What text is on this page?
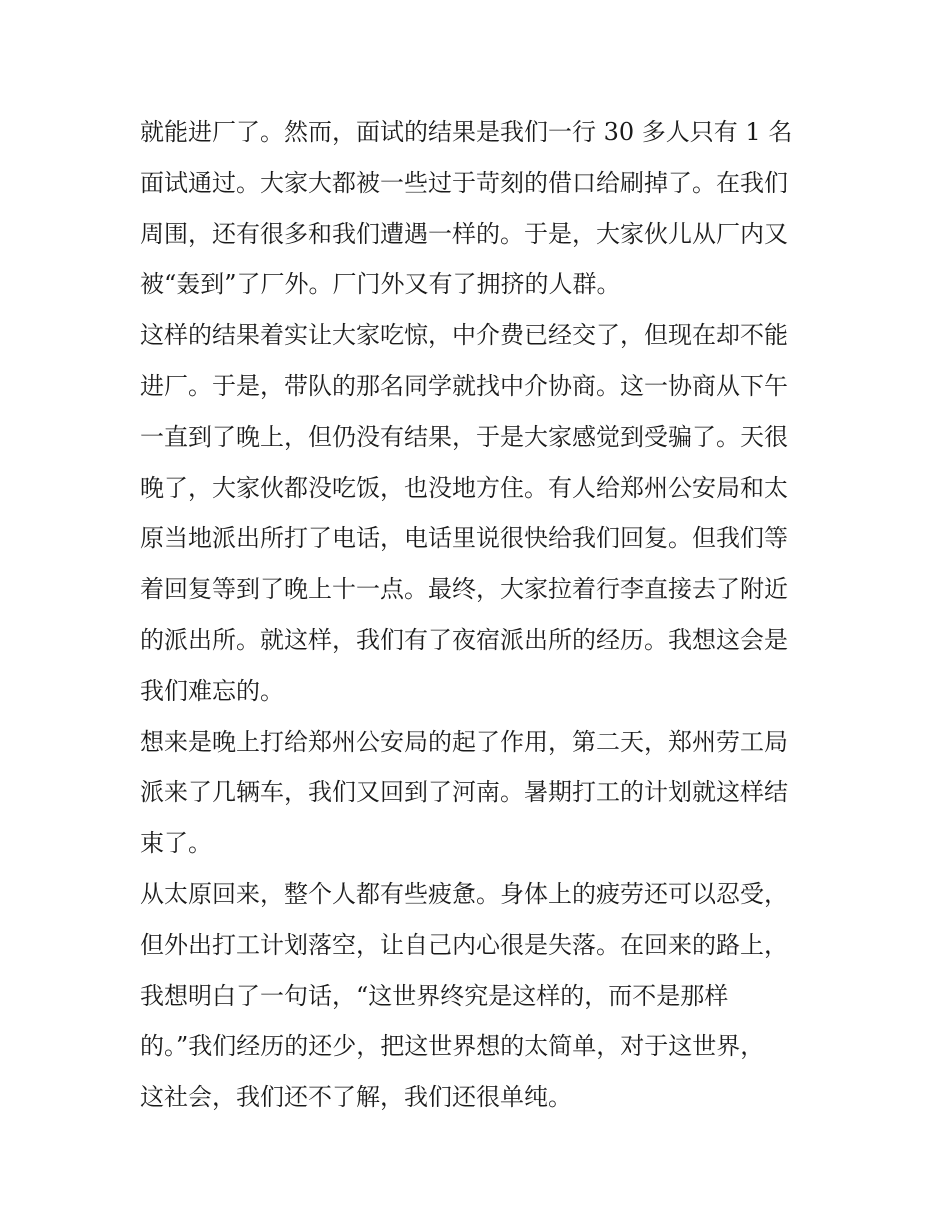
就能进厂了。然而，面试的结果是我们一行 30 多人只有 1 名
面试通过。大家大都被一些过于苛刻的借口给刷掉了。在我们
周围，还有很多和我们遭遇一样的。于是，大家伙儿从厂内又
被“轰到”了厂外。厂门外又有了拥挤的人群。
这样的结果着实让大家吃惊，中介费已经交了，但现在却不能
进厂。于是，带队的那名同学就找中介协商。这一协商从下午
一直到了晚上，但仍没有结果，于是大家感觉到受骗了。天很
晚了，大家伙都没吃饭，也没地方住。有人给郑州公安局和太
原当地派出所打了电话，电话里说很快给我们回复。但我们等
着回复等到了晚上十一点。最终，大家拉着行李直接去了附近
的派出所。就这样，我们有了夜宿派出所的经历。我想这会是
我们难忘的。
想来是晚上打给郑州公安局的起了作用，第二天，郑州劳工局
派来了几辆车，我们又回到了河南。暑期打工的计划就这样结
束了。
从太原回来，整个人都有些疲惫。身体上的疲劳还可以忍受，
但外出打工计划落空，让自己内心很是失落。在回来的路上，
我想明白了一句话，“这世界终究是这样的，而不是那样
的。”我们经历的还少，把这世界想的太简单，对于这世界，
这社会，我们还不了解，我们还很单纯。
